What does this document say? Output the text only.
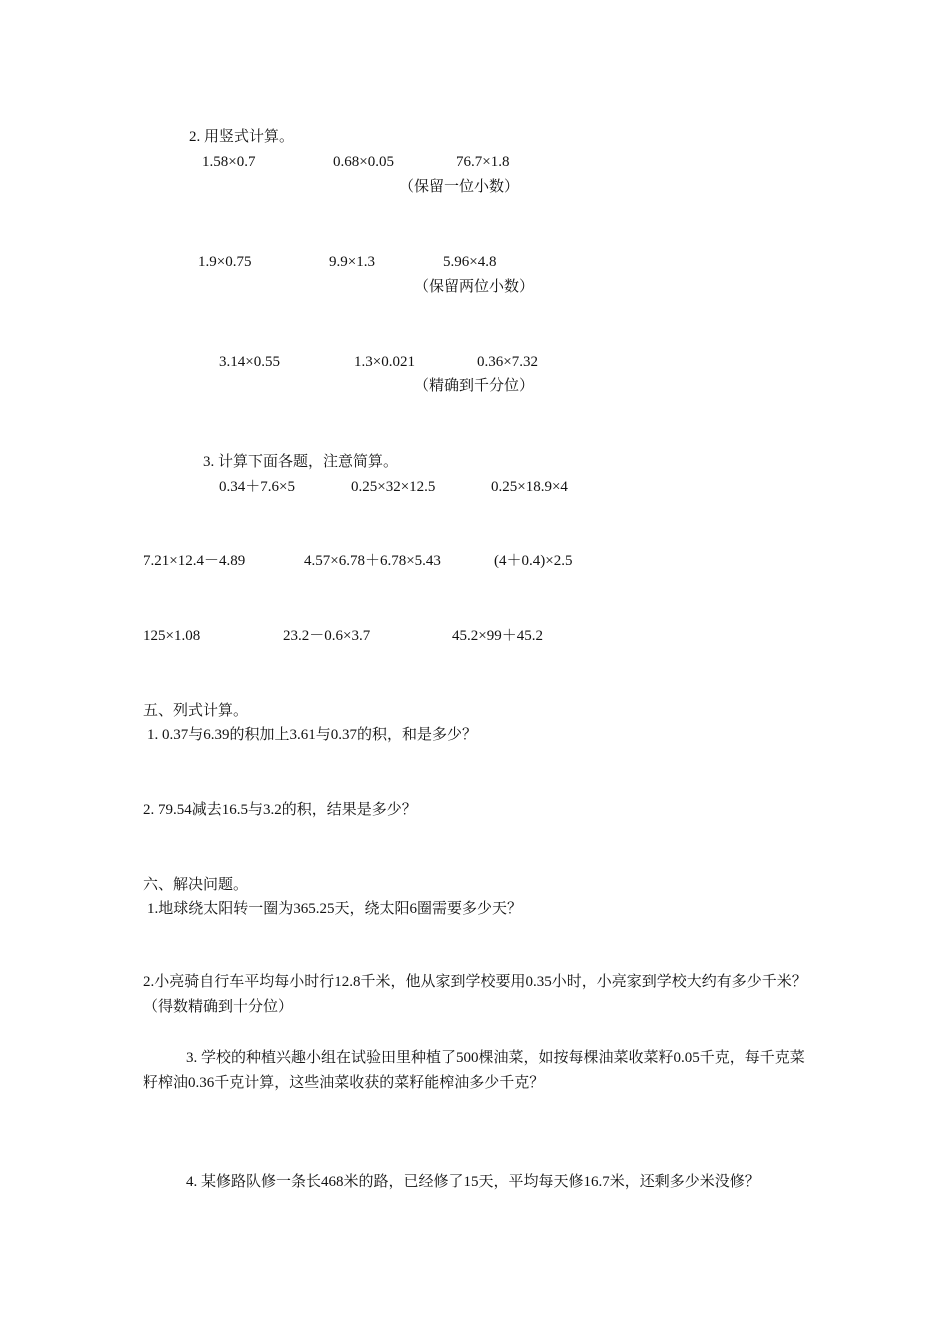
2. 用竖式计算。
1.58×0.7	0.68×0.05	76.7×1.8
（保留一位小数）
1.9×0.75	9.9×1.3	5.96×4.8
（保留两位小数）
3.14×0.55	1.3×0.021	0.36×7.32
（精确到千分位）
3. 计算下面各题，注意简算。
0.34＋7.6×5	0.25×32×12.5	0.25×18.9×4
7.21×12.4－4.89	4.57×6.78＋6.78×5.43	(4＋0.4)×2.5
125×1.08	23.2－0.6×3.7	45.2×99＋45.2
五、列式计算。
1. 0.37与6.39的积加上3.61与0.37的积，和是多少？
2. 79.54减去16.5与3.2的积，结果是多少？
六、解决问题。
1.地球绕太阳转一圈为365.25天，绕太阳6圈需要多少天？
2.小亮骑自行车平均每小时行12.8千米，他从家到学校要用0.35小时，小亮家到学校大约有多少千米？（得数精确到十分位）
3. 学校的种植兴趣小组在试验田里种植了500棵油菜，如按每棵油菜收菜籽0.05千克，每千克菜籽榨油0.36千克计算，这些油菜收获的菜籽能榨油多少千克？
4. 某修路队修一条长468米的路，已经修了15天，平均每天修16.7米，还剩多少米没修？
